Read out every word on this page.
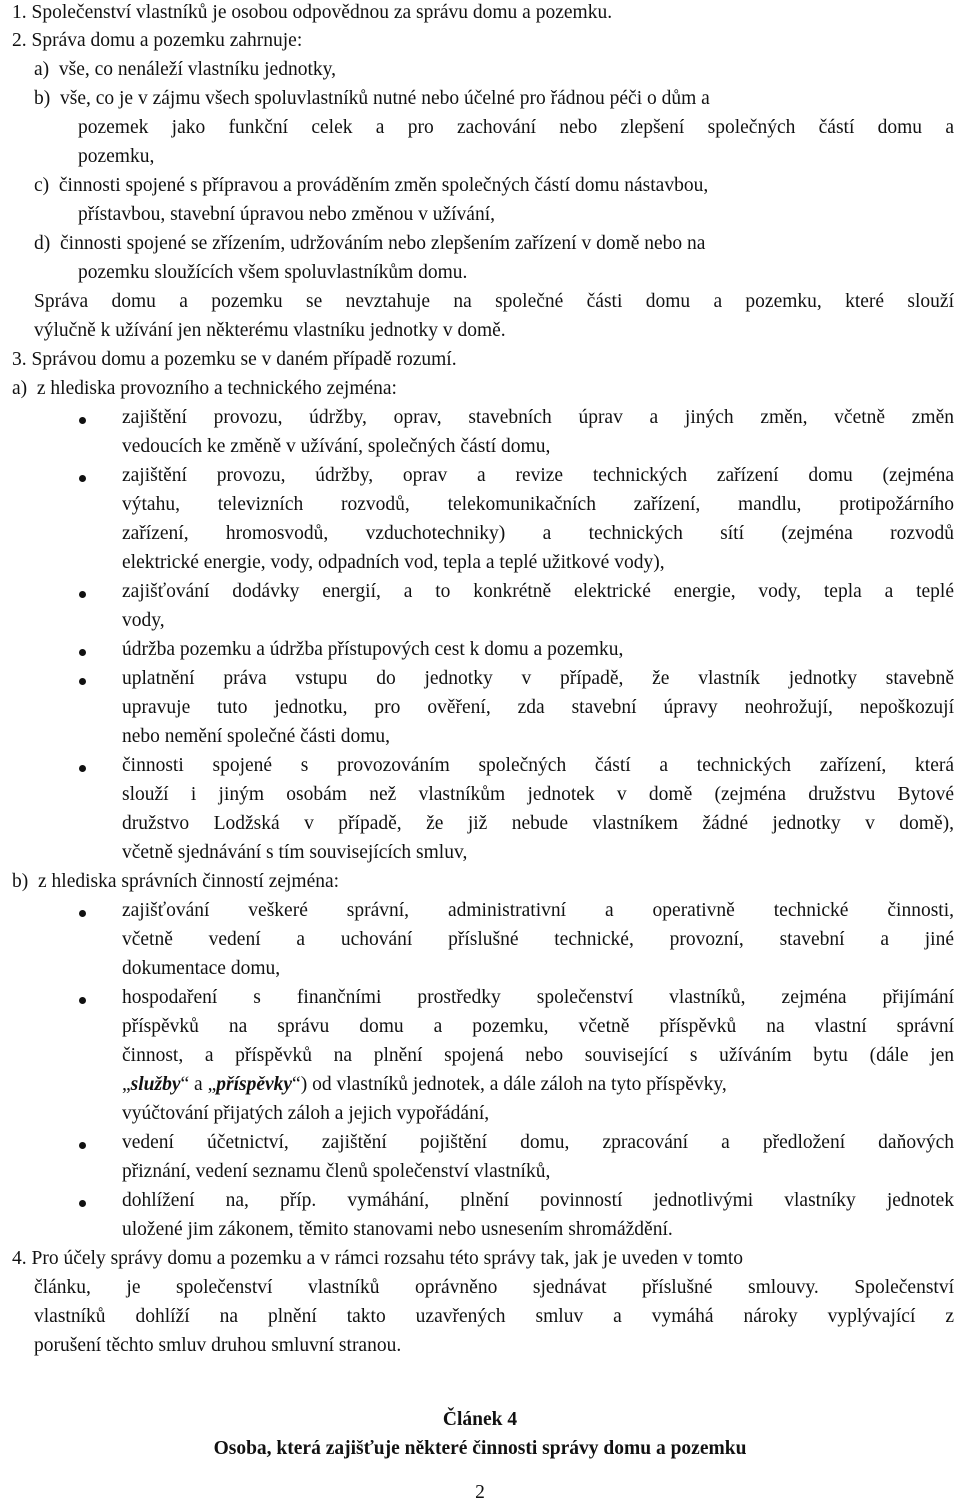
1. Společenství vlastníků je osobou odpovědnou za správu domu a pozemku.
2. Správa domu a pozemku zahrnuje:
a)  vše, co nenáleží vlastníku jednotky,
b)  vše, co je v zájmu všech spoluvlastníků nutné nebo účelné pro řádnou péči o dům a
pozemek jako funkční celek a pro zachování nebo zlepšení společných částí domu a
pozemku,
c)  činnosti spojené s přípravou a prováděním změn společných částí domu nástavbou,
přístavbou, stavební úpravou nebo změnou v užívání,
d)  činnosti spojené se zřízením, udržováním nebo zlepšením zařízení v domě nebo na
pozemku sloužících všem spoluvlastníkům domu.
Správa domu a pozemku se nevztahuje na společné části domu a pozemku, které slouží
výlučně k užívání jen některému vlastníku jednotky v domě.
3. Správou domu a pozemku se v daném případě rozumí.
a)  z hlediska provozního a technického zejména:
zajištění provozu, údržby, oprav, stavebních úprav a jiných změn, včetně změn
vedoucích ke změně v užívání, společných částí domu,
zajištění provozu, údržby, oprav a revize technických zařízení domu (zejména
výtahu, televizních rozvodů, telekomunikačních zařízení, mandlu, protipožárního
zařízení, hromosvodů, vzduchotechniky) a technických sítí (zejména rozvodů
elektrické energie, vody, odpadních vod, tepla a teplé užitkové vody),
zajišťování dodávky energií, a to konkrétně elektrické energie, vody, tepla a teplé
vody,
údržba pozemku a údržba přístupových cest k domu a pozemku,
uplatnění práva vstupu do jednotky v případě, že vlastník jednotky stavebně
upravuje tuto jednotku, pro ověření, zda stavební úpravy neohrožují, nepoškozují
nebo nemění společné části domu,
činnosti spojené s provozováním společných částí a technických zařízení, která
slouží i jiným osobám než vlastníkům jednotek v domě (zejména družstvu Bytové
družstvo Lodžská v případě, že již nebude vlastníkem žádné jednotky v domě),
včetně sjednávání s tím souvisejících smluv,
b)  z hlediska správních činností zejména:
zajišťování veškeré správní, administrativní a operativně technické činnosti,
včetně vedení a uchování příslušné technické, provozní, stavební a jiné
dokumentace domu,
hospodaření s finančními prostředky společenství vlastníků, zejména přijímání
příspěvků na správu domu a pozemku, včetně příspěvků na vlastní správní
činnost, a příspěvků na plnění spojená nebo související s užíváním bytu (dále jen
„služby“ a „příspěvky“) od vlastníků jednotek, a dále záloh na tyto příspěvky,
vyúčtování přijatých záloh a jejich vypořádání,
vedení účetnictví, zajištění pojištění domu, zpracování a předložení daňových
přiznání, vedení seznamu členů společenství vlastníků,
dohlížení na, příp. vymáhání, plnění povinností jednotlivými vlastníky jednotek
uložené jim zákonem, těmito stanovami nebo usnesením shromáždění.
4. Pro účely správy domu a pozemku a v rámci rozsahu této správy tak, jak je uveden v tomto
článku, je společenství vlastníků oprávněno sjednávat příslušné smlouvy. Společenství
vlastníků dohlíží na plnění takto uzavřených smluv a vymáhá nároky vyplývající z
porušení těchto smluv druhou smluvní stranou.
Článek 4
Osoba, která zajišťuje některé činnosti správy domu a pozemku
2
